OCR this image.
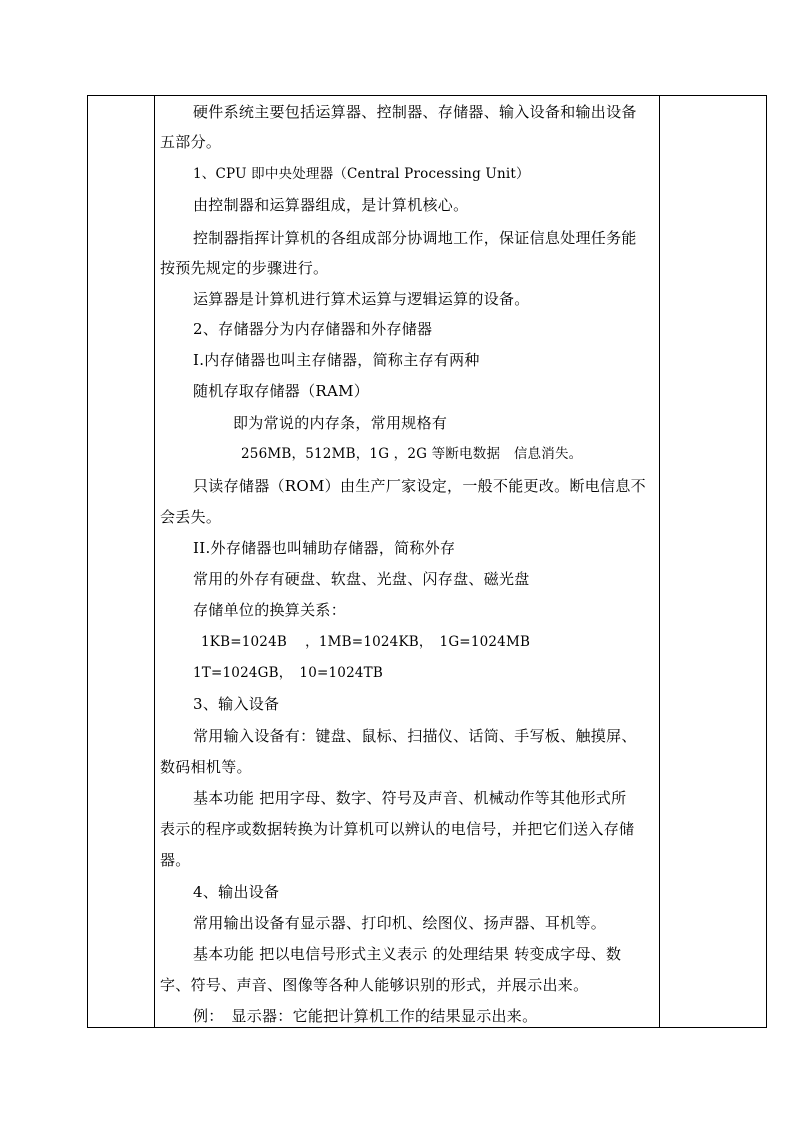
硬件系统主要包括运算器、控制器、存储器、输入设备和输出设备
五部分。
1、CPU 即中央处理器（Central Processing Unit）
由控制器和运算器组成，是计算机核心。
控制器指挥计算机的各组成部分协调地工作，保证信息处理任务能
按预先规定的步骤进行。
运算器是计算机进行算术运算与逻辑运算的设备。
2、存储器分为内存储器和外存储器
I.内存储器也叫主存储器，简称主存有两种
随机存取存储器（RAM）
即为常说的内存条，常用规格有
256MB，512MB，1G ，2G 等断电数据　信息消失。
只读存储器（ROM）由生产厂家设定，一般不能更改。断电信息不
会丢失。
II.外存储器也叫辅助存储器，简称外存
常用的外存有硬盘、软盘、光盘、闪存盘、磁光盘
存储单位的换算关系：
1KB=1024B　 ，1MB=1024KB，　1G=1024MB
1T=1024GB，　10=1024TB
3、输入设备
常用输入设备有：键盘、鼠标、扫描仪、话筒、手写板、触摸屏、
数码相机等。
基本功能 把用字母、数字、符号及声音、机械动作等其他形式所
表示的程序或数据转换为计算机可以辨认的电信号，并把它们送入存储
器。
4、输出设备
常用输出设备有显示器、打印机、绘图仪、扬声器、耳机等。
基本功能 把以电信号形式主义表示 的处理结果 转变成字母、数
字、符号、声音、图像等各种人能够识别的形式，并展示出来。
例：　显示器：它能把计算机工作的结果显示出来。
